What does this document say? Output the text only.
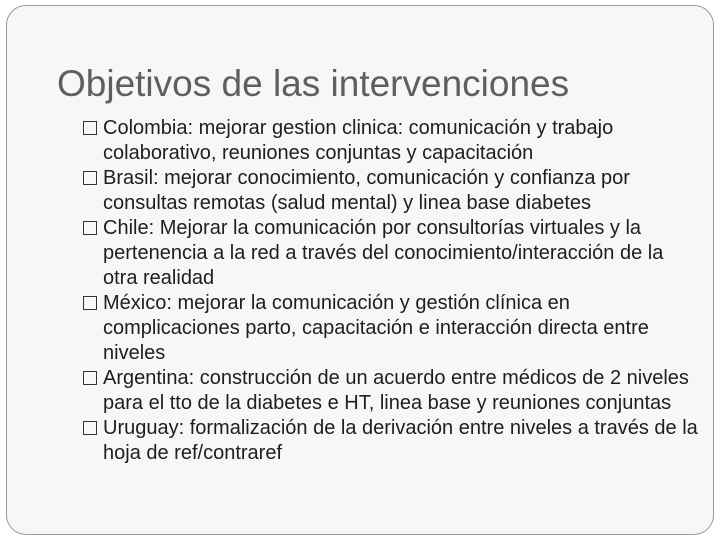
Objetivos de las intervenciones
Colombia: mejorar gestion clinica: comunicación y trabajo colaborativo, reuniones conjuntas y capacitación
Brasil: mejorar conocimiento, comunicación y confianza por consultas remotas (salud mental) y linea base diabetes
Chile: Mejorar la comunicación por consultorías virtuales y la pertenencia a la red a través del conocimiento/interacción de la otra realidad
México: mejorar la comunicación y gestión clínica en complicaciones parto, capacitación e interacción directa entre niveles
Argentina: construcción de un acuerdo entre médicos de 2 niveles para el tto de la diabetes e HT, linea base y reuniones conjuntas
Uruguay: formalización de la derivación entre niveles a través de la hoja de ref/contraref
